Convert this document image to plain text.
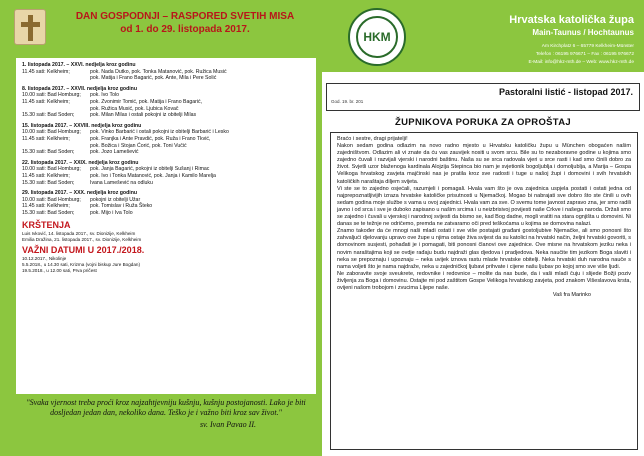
DAN GOSPODNJI – RASPORED SVETIH MISA
od 1. do 29. listopada 2017.
1. listopada 2017. – XXVI. nedjelja kroz godinu
11.45 sati: Kelkheim;	pok. Nada Dutko, pok. Tonka Matanović, pok. Ružica Musić
pok. Matija i Frano Bagarić, pok. Ante, Mila i Pere Solić
8. listopada 2017. – XXVII. nedjelja kroz godinu
10.00 sati: Bad Homburg;	pok. Ivo Tolo
11.45 sati: Kelkheim;	pok. Zvonimir Tomić, pok. Matija i Frano Bagarić,
pok. Ružica Musić, pok. Ljubica Kovač
15.30 sati: Bad Soden;	pok. Milan Milas i ostali pokojni iz obitelji Milas
15. listopada 2017. – XXVIII. nedjelja kroz godinu
10.00 sati: Bad Homburg;	pok. Vinko Barbarić i ostali pokojni iz obitelji Barbarić i Lesko
11.45 sati: Kelkheim;	pok. Franjka i Ante Pravdić, pok. Ruža i Frano Tkvić,
pok. Božica i Stojan Ćorić, pok. Toni Vučić
15.30 sati: Bad Soden;	pok. Jozo Lamešević
22. listopada 2017. – XXIX. nedjelja kroz godinu
10.00 sati: Bad Homburg;	pok. Janja Bagarić, pokojni iz obitelji Sušanj i Rimac
11.45 sati: Kelkheim;	pok. Ivo i Tonka Matanović, pok. Janja i Kamilo Marelja
15.30 sati: Bad Soden;	Ivana Lamešević na odluku
29. listopada 2017. – XXX. nedjelja kroz godinu
10.00 sati: Bad Homburg;	pokojni iz obitelji Užar
11.45 sati: Kelkheim;	pok. Tomislav i Ruža Šteko
15.30 sati: Bad Soden;	pok. Mijo i Iva Tolo
KRŠTENJA
Luis Ivković, 14. listopada 2017., sv. Dionizije, Kelkheim
Emilia Dražina, 21. listopada 2017., sv. Dionizije, Kelkheim
VAŽNI DATUMI U 2017./2018.
10.12.2017., Nikolinje
5.5.2018., u 14.30 sati, Krizma (vojni biskup Jure Bogdan)
19.5.2018., u 12.00 sati, Prva pričest
"Svaka vjernost treba proći kroz najzahtjevniju kušnju, kušnju postojanosti. Lako je biti dosljedan jedan dan, nekoliko dana. Teško je i važno biti kroz sav život."
sv. Ivan Pavao II.
HKM
Hrvatska katolička župa
Main-Taunus / Hochtaunus
Am Kirchplatz 6 – 65779 Kelkheim-Münster
Telefon : 06195 976671 – Fax : 06195 976672
E-Mail: info@hkz-mth.de – Web: www.hkz-mth.de
Pastoralni listić - listopad 2017.
God. 19. br. 201
ŽUPNIKOVA PORUKA ZA OPROŠTAJ

Braćo i sestre, dragi prijatelji!

Nakon sedam godina odlazim na novo radno mjesto u Hrvatsku katoličku župu u München obogaćen našim zajedništvom. Odlazim ali vi znate da ću vas zauvijek nositi u svom srcu. Bile su to nezaboravne godine u kojima smo zajedno čuvali i razvijali vjerski i narodni baštinu. Naša su se srca radovala vjeri u srce rasti i kad smo činili dobro za život. Svjetli uzor blaženoga kardinala Alojzija Stepinca bio nam je svjetionik bogoljublja i domoljublja, a Marija – Gospa Velikoga hrvatskog zavjeta majčinski nas je pratila kroz sve radosti i tuge u našoj župi i domovini i svih hrvatskih katoličkih naraštaja diljem svijeta.

Vi ste se to zajedno osjećali, razumjeli i pomagali. Hvala vam što je ova zajednica uspjela postati i ostati jedna od najprepoznatljivijih izraza hrvatske katoličke prisutnosti u Njemačkoj. Mogao bi nabrajati sve dobro što ste činili u ovih sedam godina moje službe s vama u ovoj zajednici. Hvala vam za sve. O svemu tome javnost zapravo zna, jer smo radili javno i od srca i sve je duboko zapisano u našim srcima i u neizbrisivoj povijesti naše Crkve i našega naroda. Držali smo se zajedno i čuvali u vjerskoj i narodnoj svijesti da bismo se, kad Bog dadne, mogli vratiti na stara ognjišta u domovini. Ni danas se te težnje ne odričemo, premda ne zatvaramo oči pred teškoćama u kojima se domovina nalazi.

Znamo također da će mnogi naši mladi ostati i sve više postajati građani gostoljubive Njemačke, ali smo ponosni što zahvaljući djelovanju upravo ove župe u njima ostaje živa svijest da su katolici na hrvatski način, željni hrvatski govoriti, s domovinom susjesti, pohađati je i pomagati, biti ponosni članovi ove zajednice. Ove misne na hrvatskom jeziku neka i novim naraštajima koji se ovdje rađaju budu najdraži glas djedova i pradjedova. Neka naučite tim jezikom Boga slaviti i neka se prepoznaju i upoznaju – neka uvijek iznova rastu mlade hrvatske obitelji. Neka hrvatski duh narodna nauče s nama voljeti što je nama najdraže, neka u zajedničkoj ljubavi prihvate i cijene našu ljubav po kojoj smo sve više ljudi.

Ne zaboravite svoje sveukrete, redovnike i redovnice – molite da nas bude, da i vaši mladi čuju i slijede Božji poziv življenja za Boga i domovinu. Ostajte mi pod zaštitom Gospe Velikoga hrvatskog zavjeta, pod znakom Višeslavova krsta, ovijeni našom trobojom i zvucima Lijepe naše.

Vaš fra Marinko
